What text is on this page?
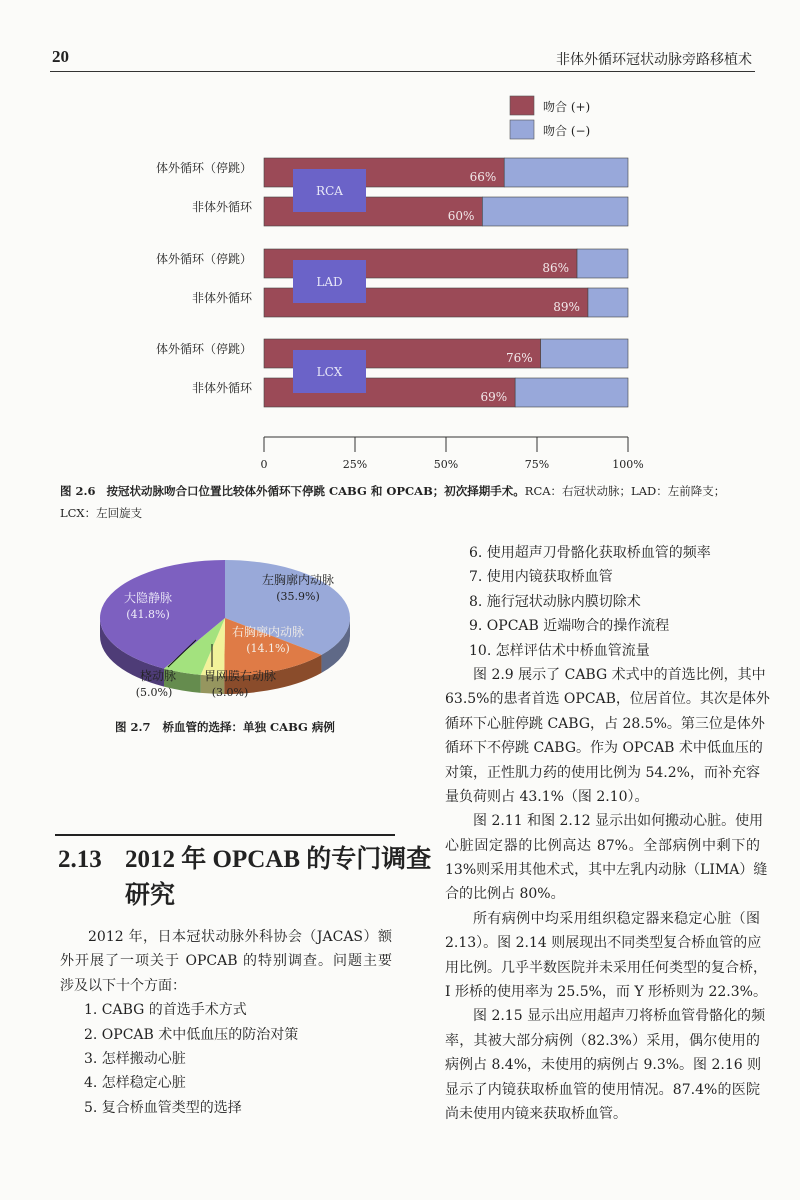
20	非体外循环冠状动脉旁路移植术
吻合 (+)
吻合 (−)
66%
体外循环（停跳）
60%
非体外循环
RCA
86%
体外循环（停跳）
89%
非体外循环
LAD
76%
体外循环（停跳）
69%
非体外循环
LCX
0	25%	50%	75%	100%
图 2.6 按冠状动脉吻合口位置比较体外循环下停跳 CABG 和 OPCAB；初次择期手术。RCA：右冠状动脉；LAD：左前降支；LCX：左回旋支
左胸廓内动脉
(35.9%)
右胸廓内动脉
(14.1%)
胃网膜右动脉
(3.0%)
桡动脉
(5.0%)
大隐静脉
(41.8%)
图 2.7 桥血管的选择：单独 CABG 病例
2.13 2012 年 OPCAB 的专门调查
研究
2012 年，日本冠状动脉外科协会（JACAS）额
外开展了一项关于 OPCAB 的特别调查。问题主要
涉及以下十个方面：
1. CABG 的首选手术方式
2. OPCAB 术中低血压的防治对策
3. 怎样搬动心脏
4. 怎样稳定心脏
5. 复合桥血管类型的选择
6. 使用超声刀骨骼化获取桥血管的频率
7. 使用内镜获取桥血管
8. 施行冠状动脉内膜切除术
9. OPCAB 近端吻合的操作流程
10. 怎样评估术中桥血管流量
图 2.9 展示了 CABG 术式中的首选比例，其中
63.5%的患者首选 OPCAB，位居首位。其次是体外
循环下心脏停跳 CABG，占 28.5%。第三位是体外
循环下不停跳 CABG。作为 OPCAB 术中低血压的
对策，正性肌力药的使用比例为 54.2%，而补充容
量负荷则占 43.1%（图 2.10）。
图 2.11 和图 2.12 显示出如何搬动心脏。使用
心脏固定器的比例高达 87%。全部病例中剩下的
13%则采用其他术式，其中左乳内动脉（LIMA）缝
合的比例占 80%。
所有病例中均采用组织稳定器来稳定心脏（图
2.13）。图 2.14 则展现出不同类型复合桥血管的应
用比例。几乎半数医院并未采用任何类型的复合桥，
I 形桥的使用率为 25.5%，而 Y 形桥则为 22.3%。
图 2.15 显示出应用超声刀将桥血管骨骼化的频
率，其被大部分病例（82.3%）采用，偶尔使用的
病例占 8.4%，未使用的病例占 9.3%。图 2.16 则
显示了内镜获取桥血管的使用情况。87.4%的医院
尚未使用内镜来获取桥血管。
